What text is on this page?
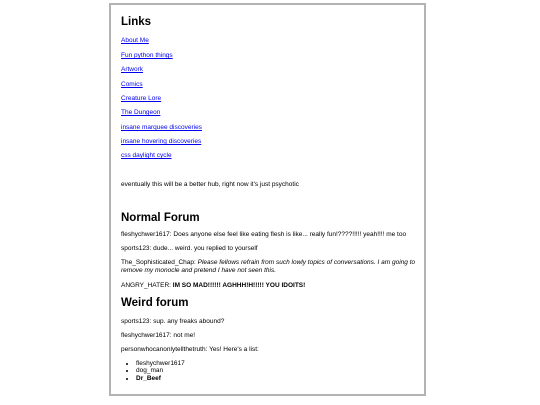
Links
About Me
Fun python things
Artwork
Comics
Creature Lore
The Dungeon
insane marquee discoveries
insane hovering discoveries
css daylight cycle
eventually this will be a better hub, right now it's just psychotic
Normal Forum
fleshychwer1617: Does anyone else feel like eating flesh is like... really fun!????!!!!! yeah!!!! me too
sports123: dude... weird. you replied to yourself
The_Sophisticated_Chap: Please fellows refrain from such lowly topics of conversations. I am going to remove my monocle and pretend I have not seen this.
ANGRY_HATER: IM SO MAD!!!!!! AGHHH!H!!!!! YOU IDOITS!
Weird forum
sports123: sup. any freaks abound?
fleshychwer1617: not me!
personwhocanonlytellthetruth: Yes! Here's a list:
• fleshychwer1617
• dog_man
• Dr_Beef
